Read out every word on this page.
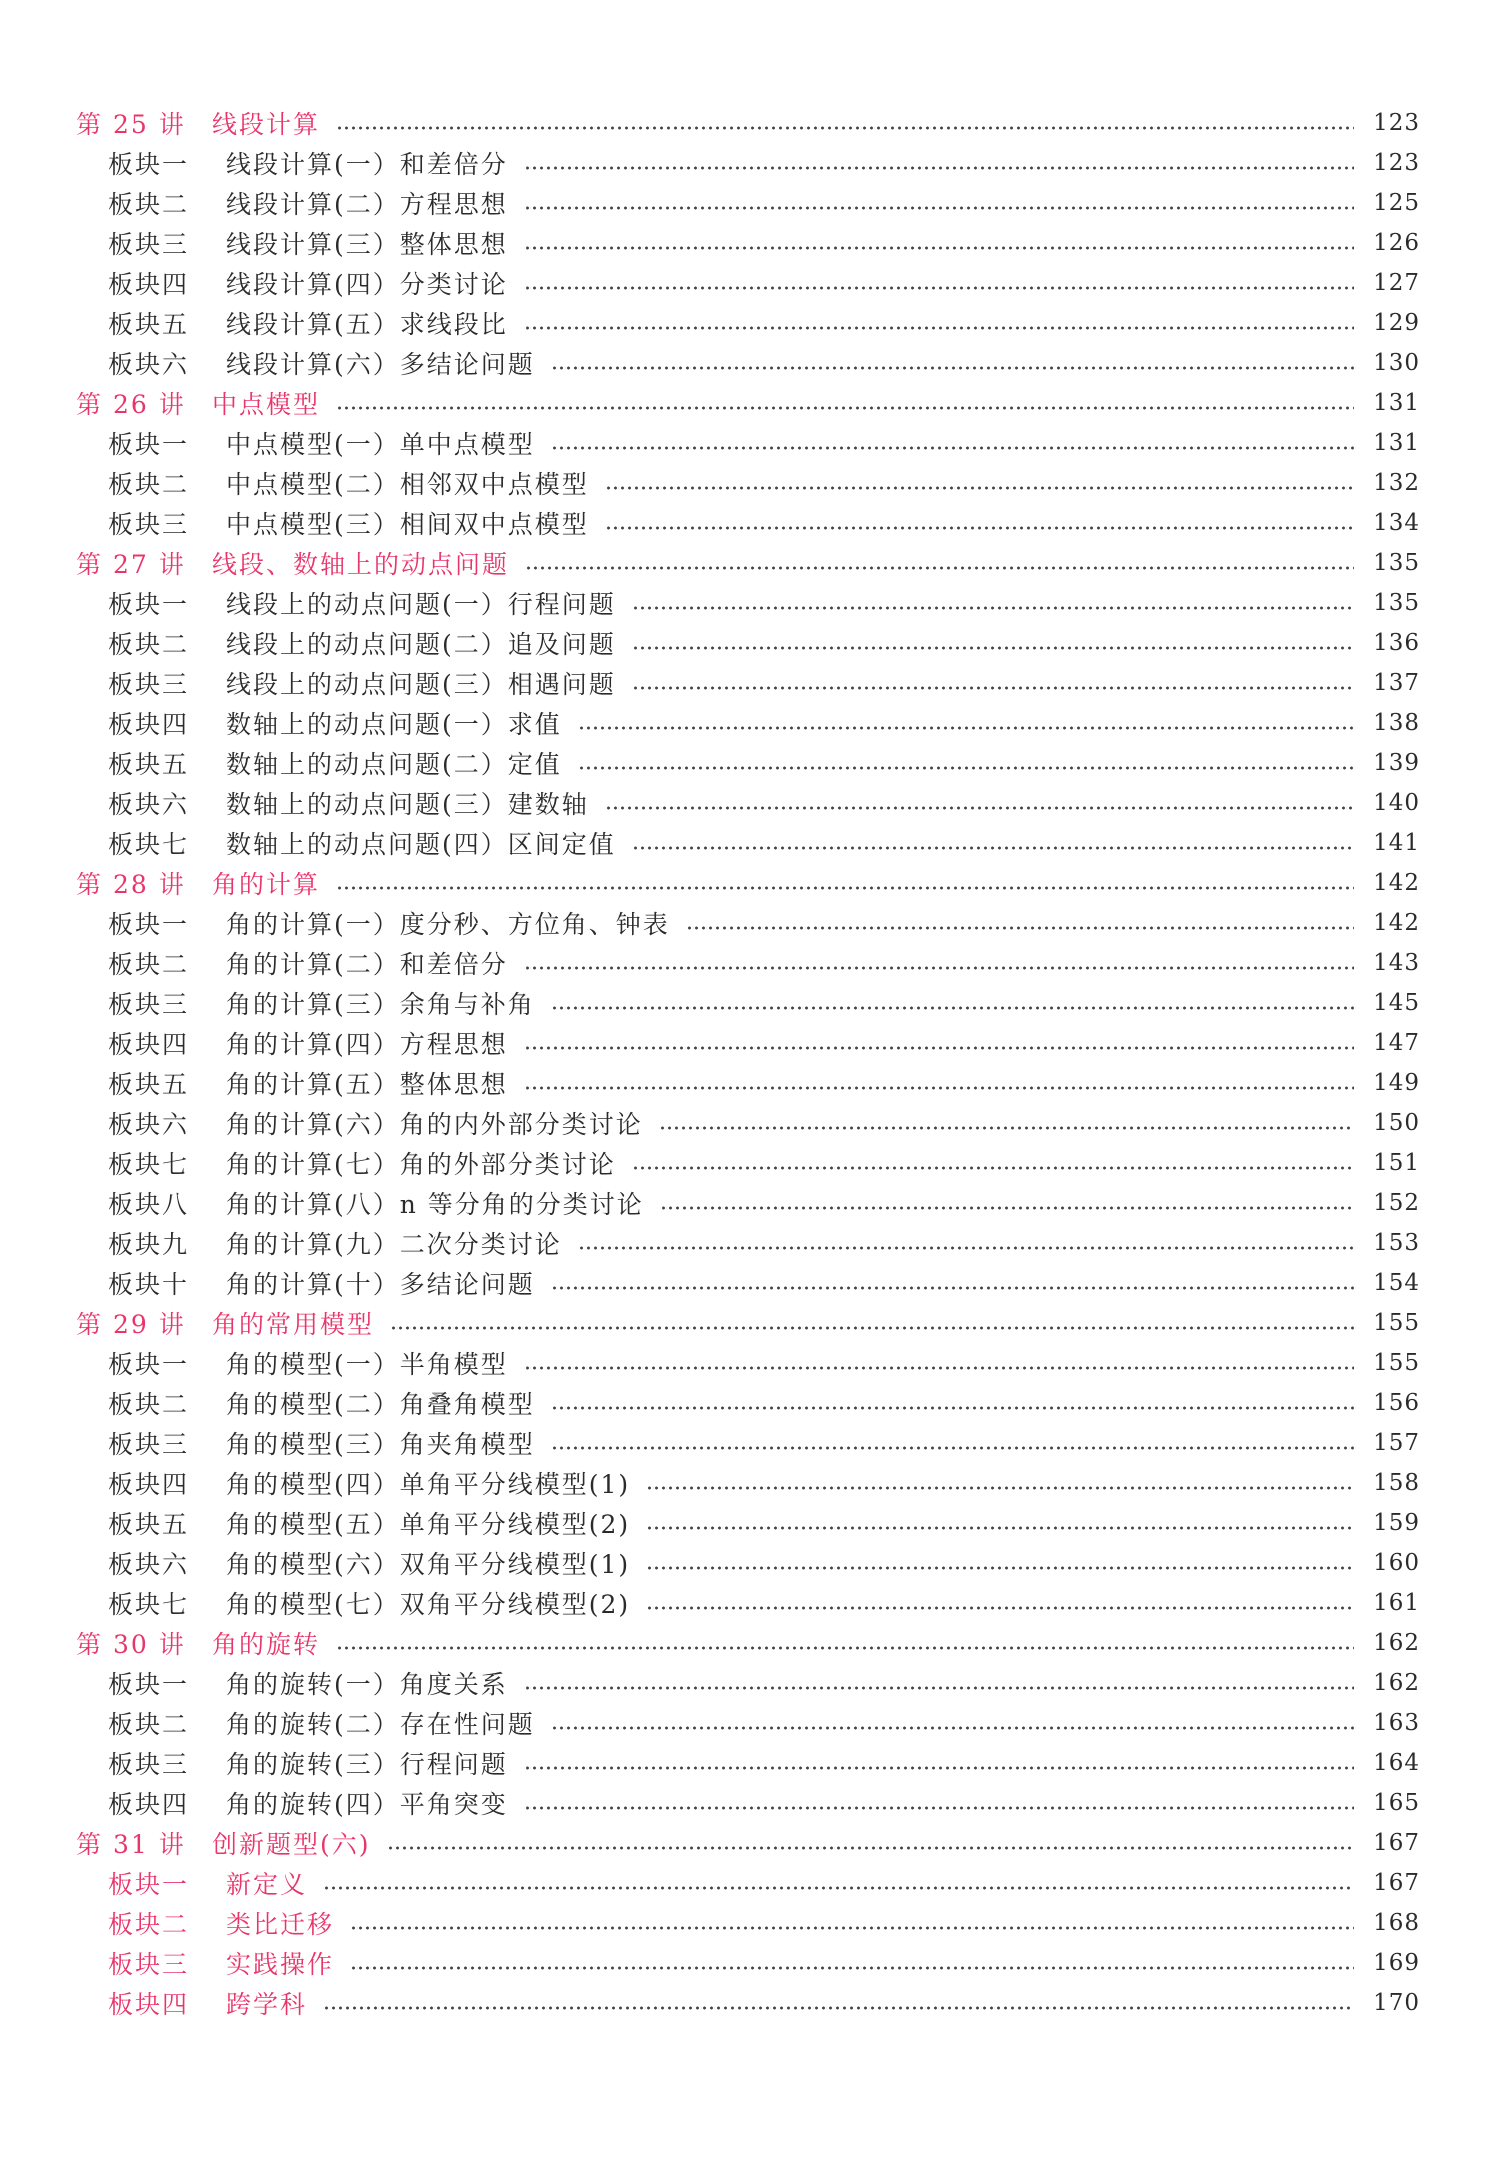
第 25 讲	线段计算	123
板块一	线段计算(一）和差倍分	123
板块二	线段计算(二）方程思想	125
板块三	线段计算(三）整体思想	126
板块四	线段计算(四）分类讨论	127
板块五	线段计算(五）求线段比	129
板块六	线段计算(六）多结论问题	130
第 26 讲	中点模型	131
板块一	中点模型(一）单中点模型	131
板块二	中点模型(二）相邻双中点模型	132
板块三	中点模型(三）相间双中点模型	134
第 27 讲	线段、数轴上的动点问题	135
板块一	线段上的动点问题(一）行程问题	135
板块二	线段上的动点问题(二）追及问题	136
板块三	线段上的动点问题(三）相遇问题	137
板块四	数轴上的动点问题(一）求值	138
板块五	数轴上的动点问题(二）定值	139
板块六	数轴上的动点问题(三）建数轴	140
板块七	数轴上的动点问题(四）区间定值	141
第 28 讲	角的计算	142
板块一	角的计算(一）度分秒、方位角、钟表	142
板块二	角的计算(二）和差倍分	143
板块三	角的计算(三）余角与补角	145
板块四	角的计算(四）方程思想	147
板块五	角的计算(五）整体思想	149
板块六	角的计算(六）角的内外部分类讨论	150
板块七	角的计算(七）角的外部分类讨论	151
板块八	角的计算(八）n 等分角的分类讨论	152
板块九	角的计算(九）二次分类讨论	153
板块十	角的计算(十）多结论问题	154
第 29 讲	角的常用模型	155
板块一	角的模型(一）半角模型	155
板块二	角的模型(二）角叠角模型	156
板块三	角的模型(三）角夹角模型	157
板块四	角的模型(四）单角平分线模型(1)	158
板块五	角的模型(五）单角平分线模型(2)	159
板块六	角的模型(六）双角平分线模型(1)	160
板块七	角的模型(七）双角平分线模型(2)	161
第 30 讲	角的旋转	162
板块一	角的旋转(一）角度关系	162
板块二	角的旋转(二）存在性问题	163
板块三	角的旋转(三）行程问题	164
板块四	角的旋转(四）平角突变	165
第 31 讲	创新题型(六)	167
板块一	新定义	167
板块二	类比迁移	168
板块三	实践操作	169
板块四	跨学科	170
